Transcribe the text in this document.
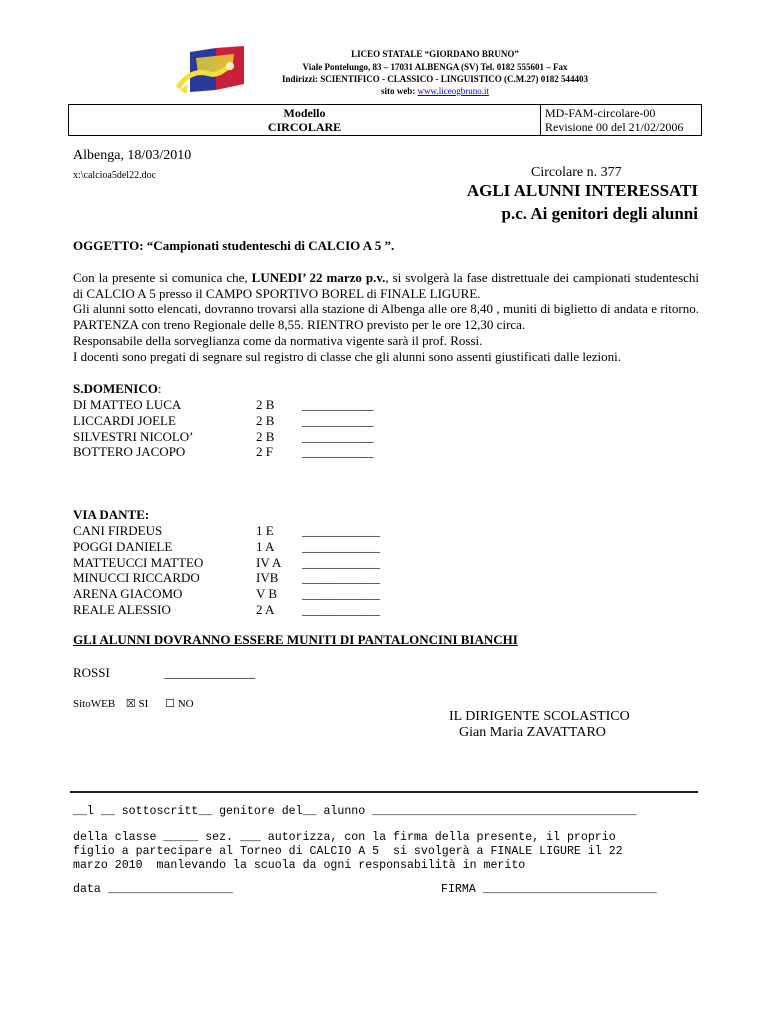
LICEO STATALE “GIORDANO BRUNO”
Viale Pontelungo, 83 – 17031 ALBENGA (SV) Tel. 0182 555601 – Fax
Indirizzi: SCIENTIFICO - CLASSICO - LINGUISTICO (C.M.27) 0182 544403
sito web: www.liceogbruno.it
Modello
CIRCOLARE

MD-FAM-circolare-00
Revisione 00 del 21/02/2006
Albenga, 18/03/2010
x:\calcioa5del22.doc	Circolare n. 377
AGLI ALUNNI INTERESSATI
p.c. Ai genitori degli alunni
OGGETTO: “Campionati studenteschi di CALCIO A 5 ”.
Con la presente si comunica che, LUNEDI’ 22 marzo p.v., si svolgerà la fase distrettuale dei campionati studenteschi di CALCIO A 5 presso il CAMPO SPORTIVO BOREL di FINALE LIGURE.
Gli alunni sotto elencati, dovranno trovarsi alla stazione di Albenga alle ore 8,40 , muniti di biglietto di andata e ritorno. PARTENZA con treno Regionale delle 8,55. RIENTRO previsto per le ore 12,30 circa.
Responsabile della sorveglianza come da normativa vigente sarà il prof. Rossi.
I docenti sono pregati di segnare sul registro di classe che gli alunni sono assenti giustificati dalle lezioni.
S.DOMENICO:
DI MATTEO LUCA	2 B ___________
LICCARDI JOELE	2 B ___________
SILVESTRI NICOLO’	2 B ___________
BOTTERO JACOPO	2 F ___________
VIA DANTE:
CANI FIRDEUS	1 E ____________
POGGI DANIELE	1 A ____________
MATTEUCCI MATTEO	IV A ____________
MINUCCI RICCARDO	IVB ____________
ARENA GIACOMO	V B ____________
REALE ALESSIO	2 A ____________
GLI ALUNNI DOVRANNO ESSERE MUNITI DI PANTALONCINI BIANCHI
ROSSI	______________
SitoWEB ☒ SI ☐ NO
IL DIRIGENTE SCOLASTICO
Gian Maria ZAVATTARO
__l __ sottoscritt__ genitore del__ alunno ______________________________________
della classe _____ sez. ___ autorizza, con la firma della presente, il proprio
figlio a partecipare al Torneo di CALCIO A 5  si svolgerà a FINALE LIGURE il 22
marzo 2010  manlevando la scuola da ogni responsabilità in merito
data __________________	FIRMA _________________________
